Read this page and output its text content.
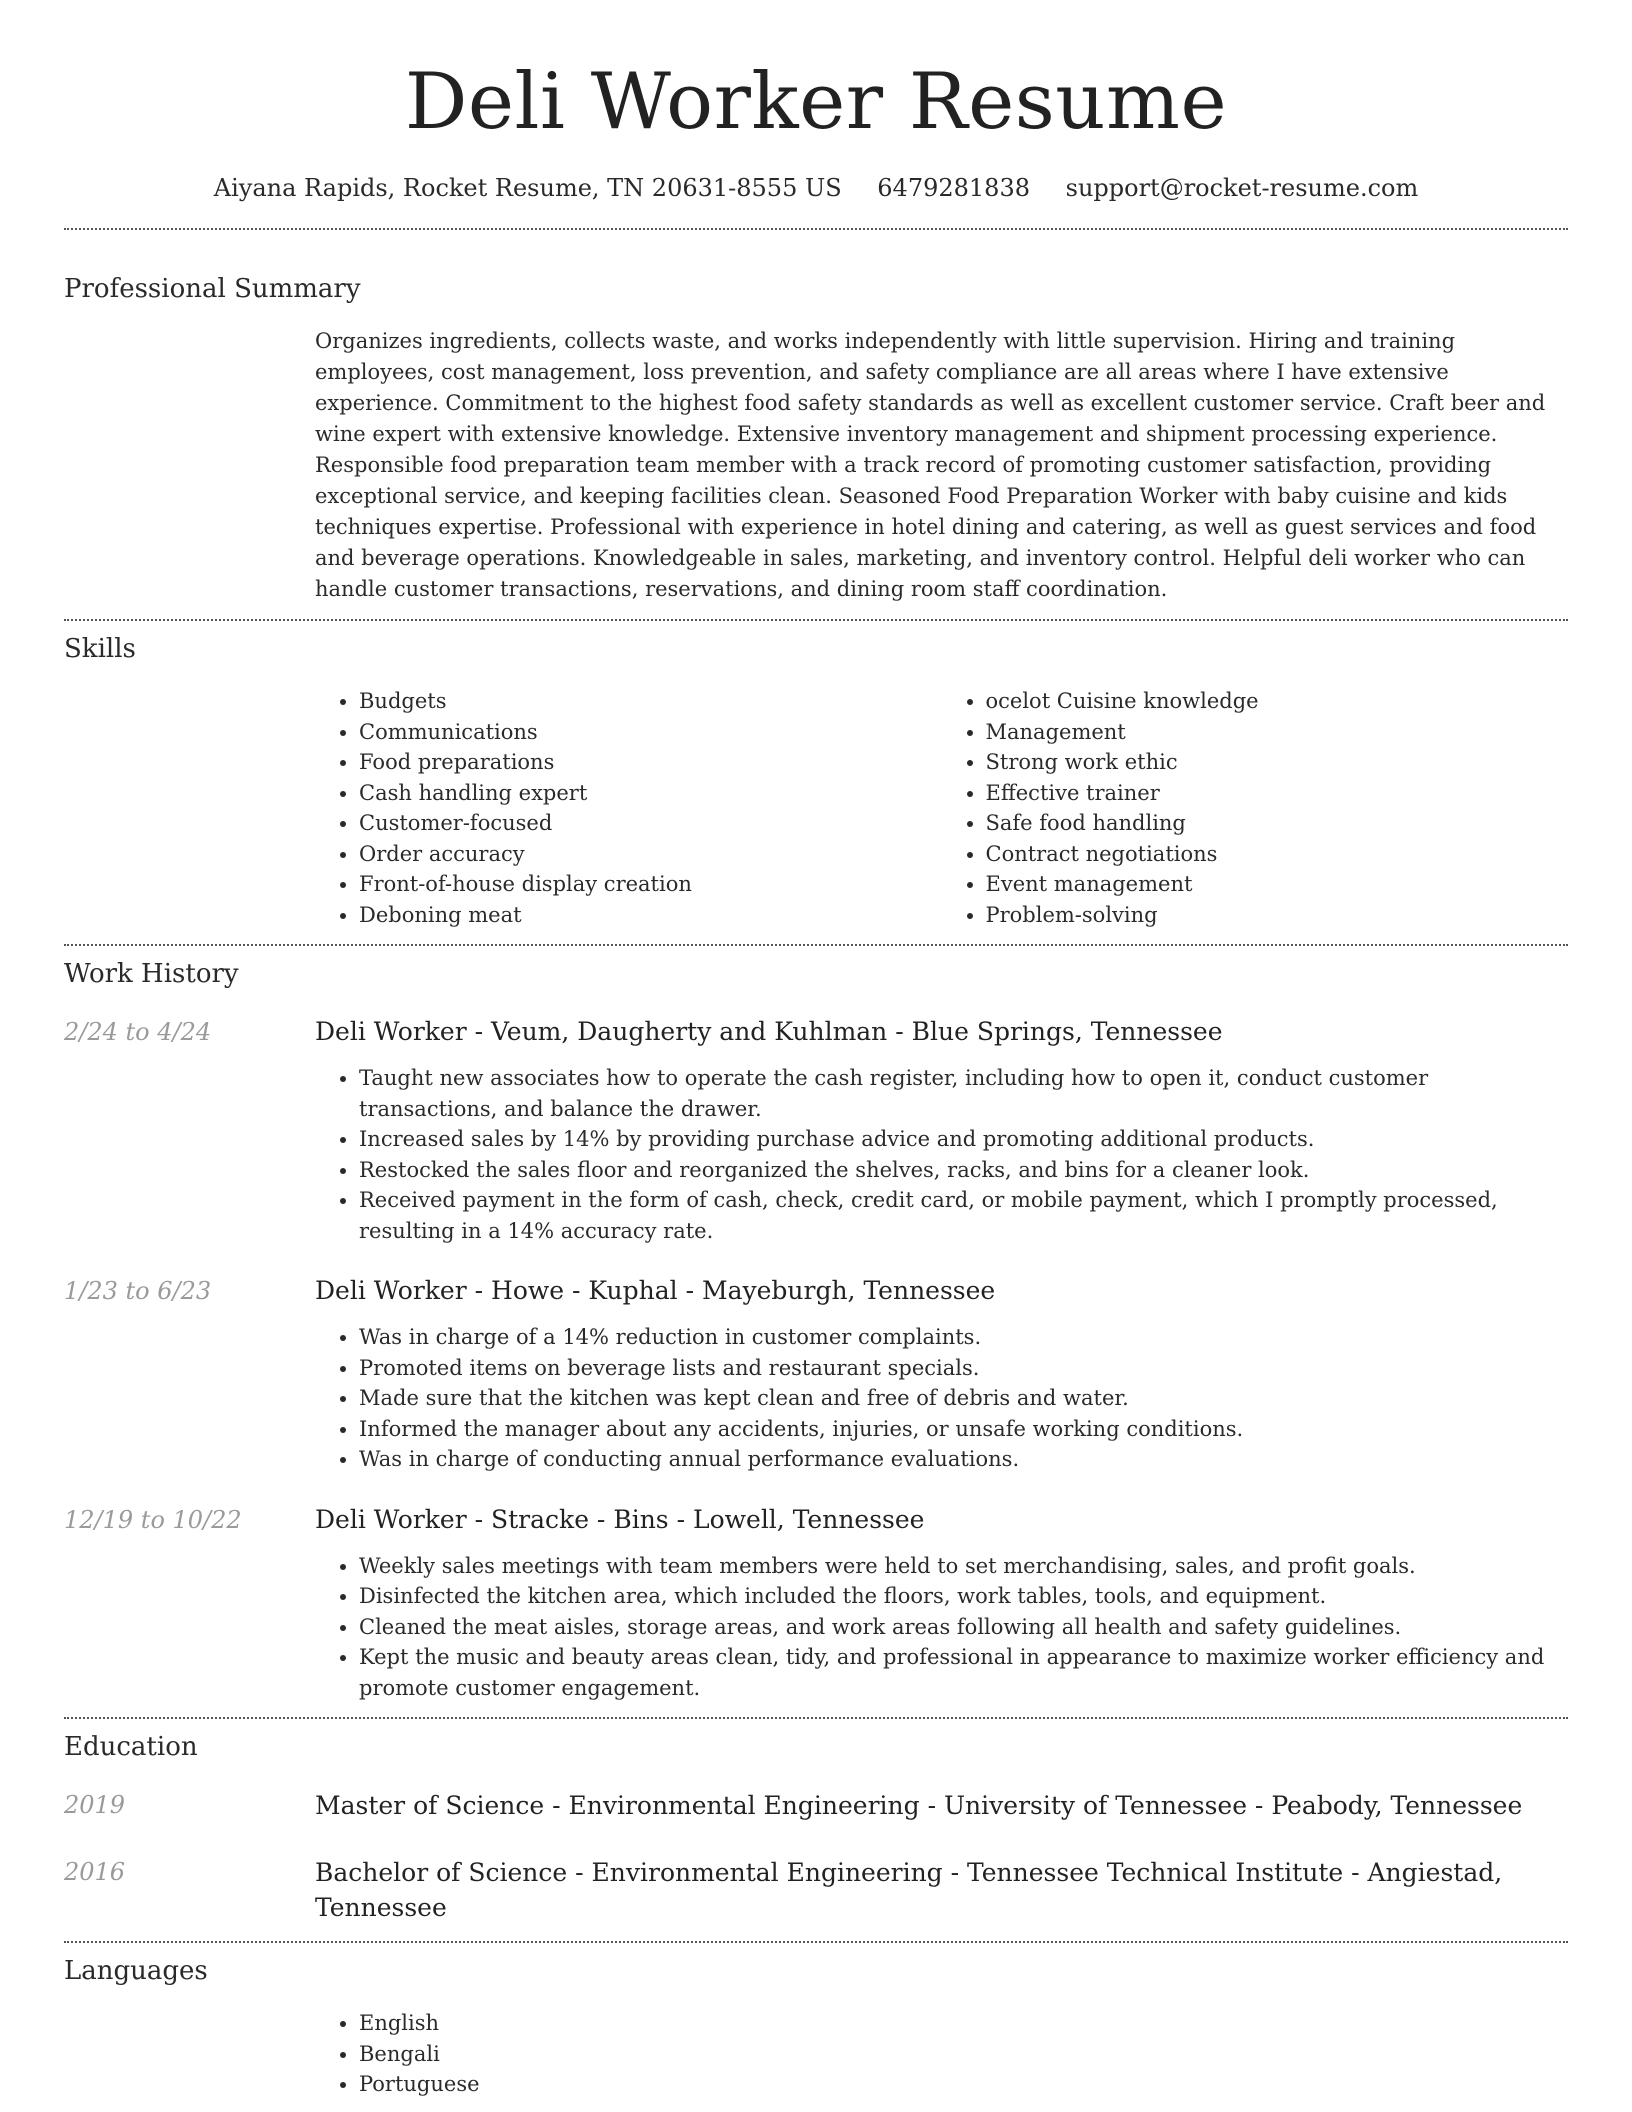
Deli Worker Resume
Aiyana Rapids, Rocket Resume, TN 20631-8555 US 6479281838 support@rocket-resume.com
Professional Summary

Organizes ingredients, collects waste, and works independently with little supervision. Hiring and training employees, cost management, loss prevention, and safety compliance are all areas where I have extensive experience. Commitment to the highest food safety standards as well as excellent customer service. Craft beer and wine expert with extensive knowledge. Extensive inventory management and shipment processing experience. Responsible food preparation team member with a track record of promoting customer satisfaction, providing exceptional service, and keeping facilities clean. Seasoned Food Preparation Worker with baby cuisine and kids techniques expertise. Professional with experience in hotel dining and catering, as well as guest services and food and beverage operations. Knowledgeable in sales, marketing, and inventory control. Helpful deli worker who can handle customer transactions, reservations, and dining room staff coordination.

Skills
• Budgets
• Communications
• Food preparations
• Cash handling expert
• Customer-focused
• Order accuracy
• Front-of-house display creation
• Deboning meat
• ocelot Cuisine knowledge
• Management
• Strong work ethic
• Effective trainer
• Safe food handling
• Contract negotiations
• Event management
• Problem-solving
Work History
2/24 to 4/24	Deli Worker - Veum, Daugherty and Kuhlman - Blue Springs, Tennessee
• Taught new associates how to operate the cash register, including how to open it, conduct customer transactions, and balance the drawer.
• Increased sales by 14% by providing purchase advice and promoting additional products.
• Restocked the sales floor and reorganized the shelves, racks, and bins for a cleaner look.
• Received payment in the form of cash, check, credit card, or mobile payment, which I promptly processed, resulting in a 14% accuracy rate.
1/23 to 6/23	Deli Worker - Howe - Kuphal - Mayeburgh, Tennessee
• Was in charge of a 14% reduction in customer complaints.
• Promoted items on beverage lists and restaurant specials.
• Made sure that the kitchen was kept clean and free of debris and water.
• Informed the manager about any accidents, injuries, or unsafe working conditions.
• Was in charge of conducting annual performance evaluations.
12/19 to 10/22	Deli Worker - Stracke - Bins - Lowell, Tennessee
• Weekly sales meetings with team members were held to set merchandising, sales, and profit goals.
• Disinfected the kitchen area, which included the floors, work tables, tools, and equipment.
• Cleaned the meat aisles, storage areas, and work areas following all health and safety guidelines.
• Kept the music and beauty areas clean, tidy, and professional in appearance to maximize worker efficiency and promote customer engagement.
Education
2019	Master of Science - Environmental Engineering - University of Tennessee - Peabody, Tennessee
2016	Bachelor of Science - Environmental Engineering - Tennessee Technical Institute - Angiestad, Tennessee
Languages
• English
• Bengali
• Portuguese
